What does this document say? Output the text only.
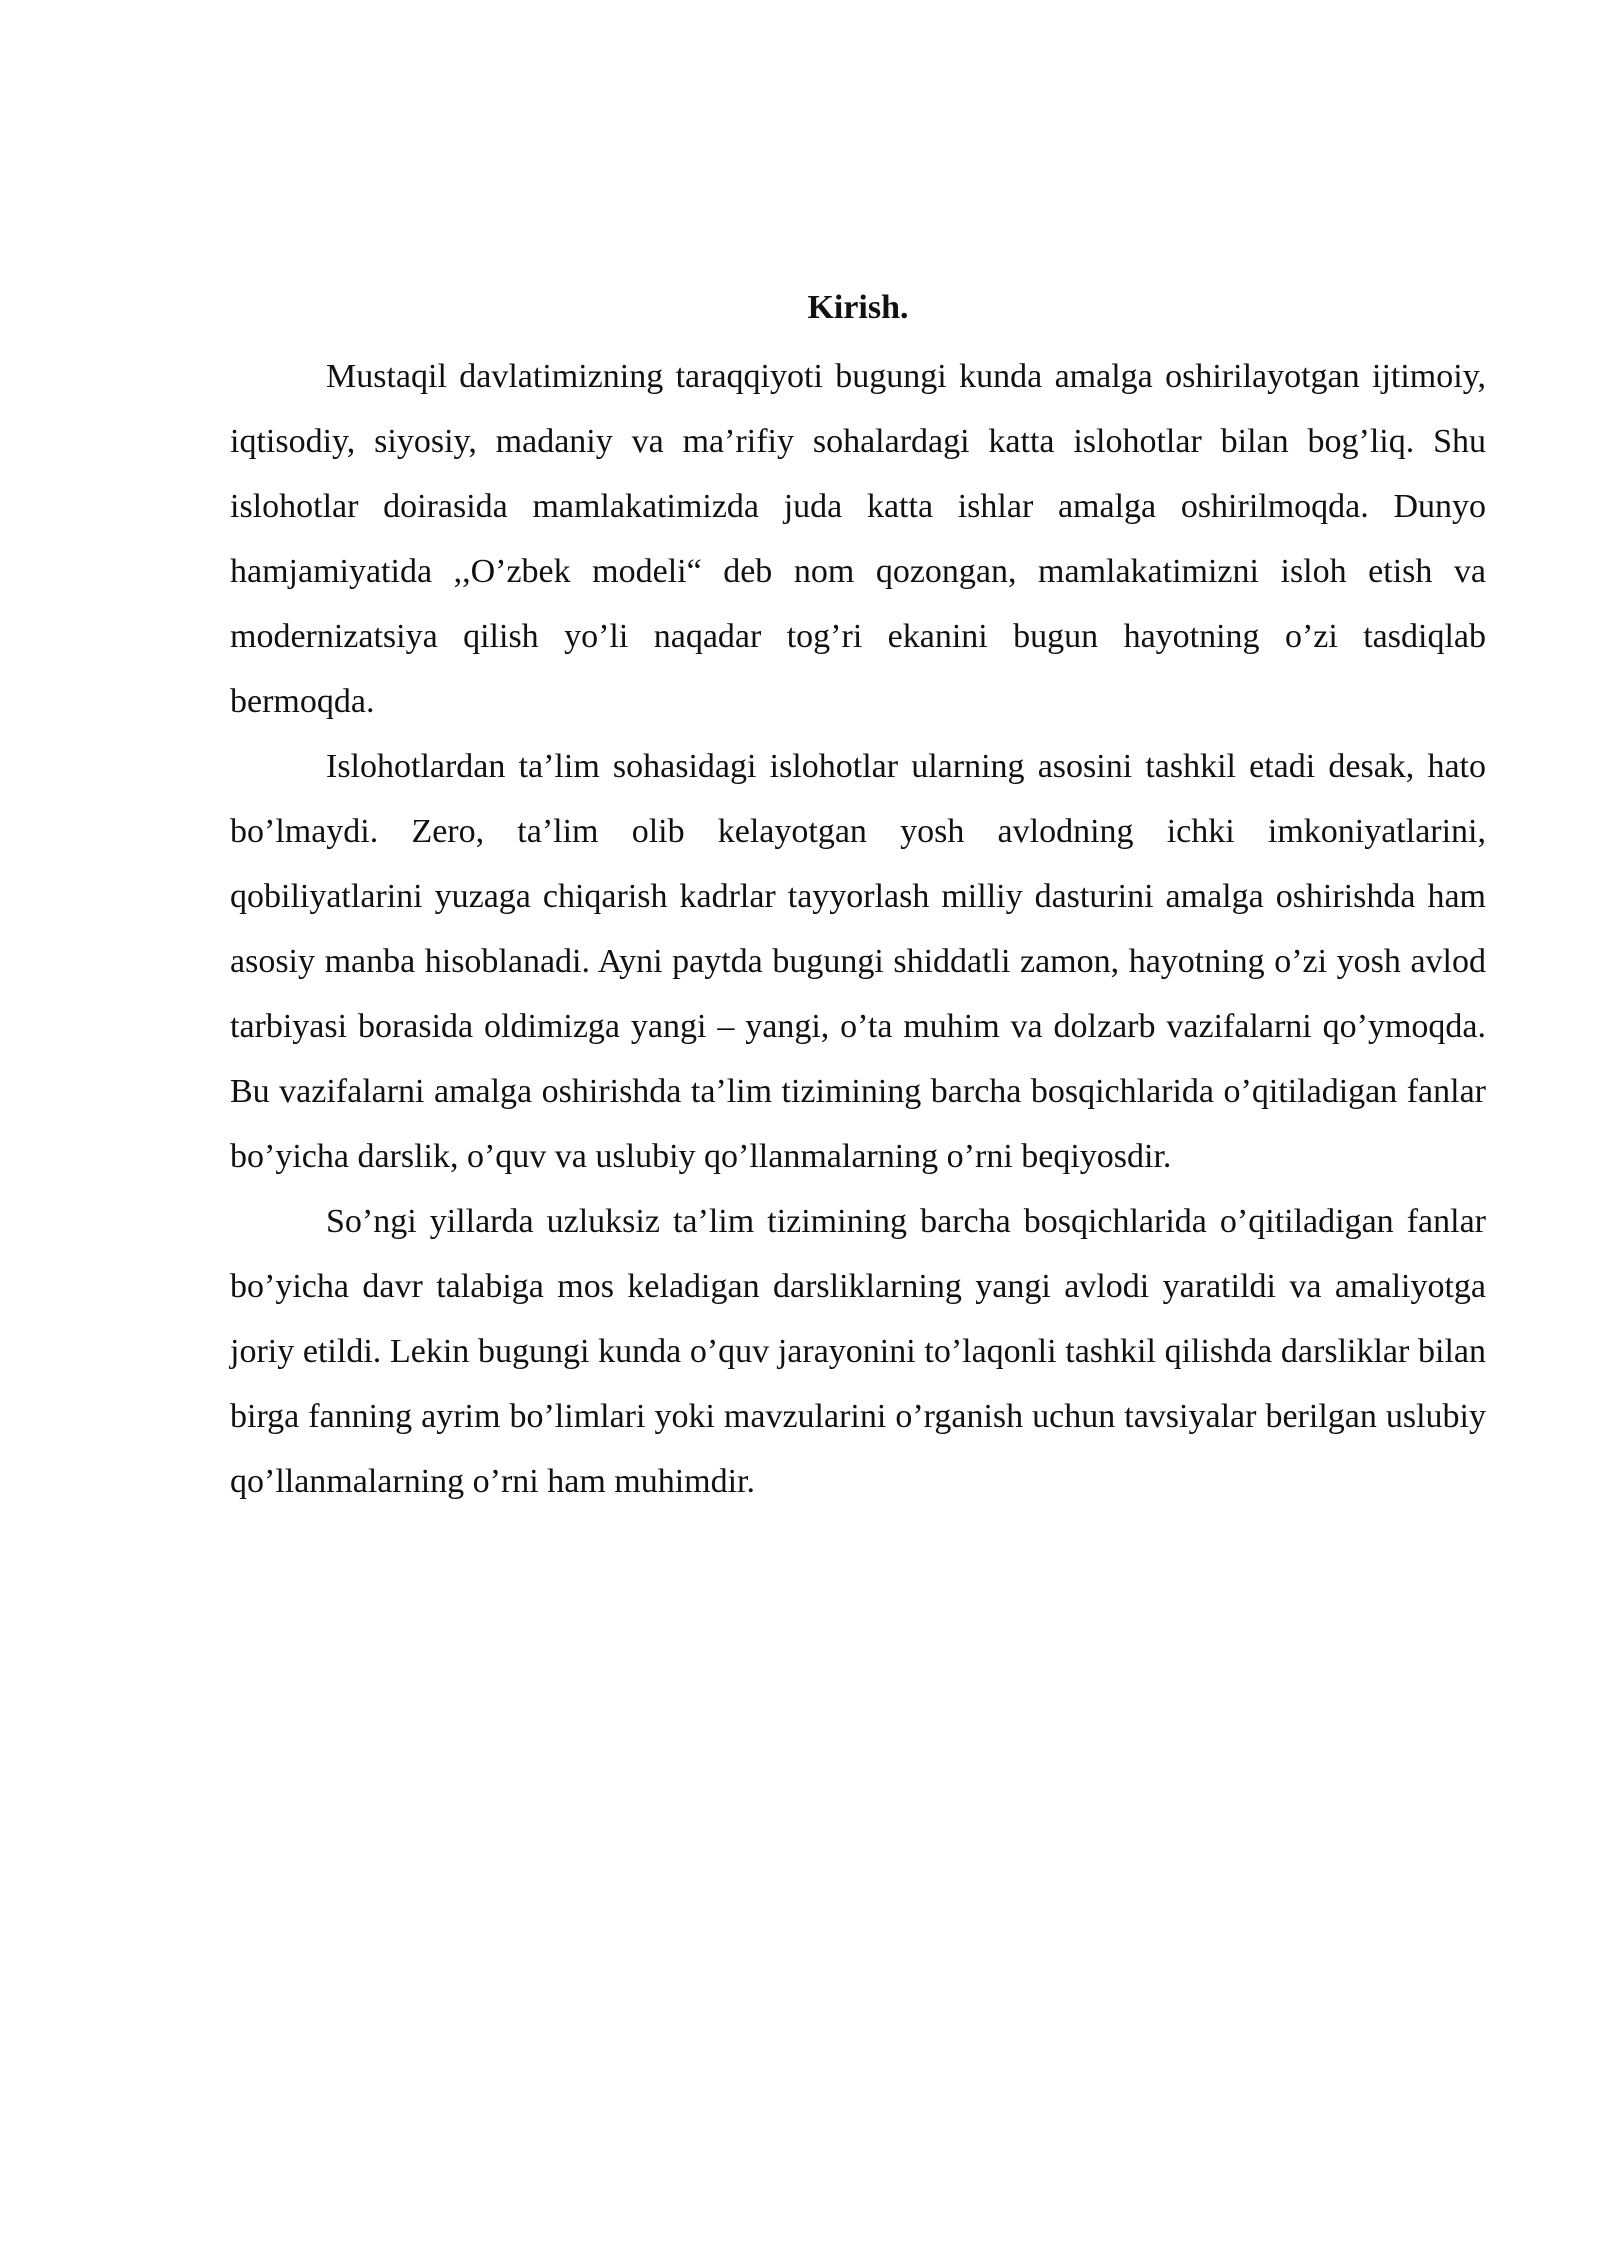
Kirish.

Mustaqil davlatimizning taraqqiyoti bugungi kunda amalga oshirilayotgan ijtimoiy, iqtisodiy, siyosiy, madaniy va ma’rifiy sohalardagi katta islohotlar bilan bog’liq. Shu islohotlar doirasida mamlakatimizda juda katta ishlar amalga oshirilmoqda. Dunyo hamjamiyatida ,,O’zbek modeli“ deb nom qozongan, mamlakatimizni isloh etish va modernizatsiya qilish yo’li naqadar tog’ri ekanini bugun hayotning o’zi tasdiqlab bermoqda.

Islohotlardan ta’lim sohasidagi islohotlar ularning asosini tashkil etadi desak, hato bo’lmaydi. Zero, ta’lim olib kelayotgan yosh avlodning ichki imkoniyatlarini, qobiliyatlarini yuzaga chiqarish kadrlar tayyorlash milliy dasturini amalga oshirishda ham asosiy manba hisoblanadi. Ayni paytda bugungi shiddatli zamon, hayotning o’zi yosh avlod tarbiyasi borasida oldimizga yangi – yangi, o’ta muhim va dolzarb vazifalarni qo’ymoqda. Bu vazifalarni amalga oshirishda ta’lim tizimining barcha bosqichlarida o’qitiladigan fanlar bo’yicha darslik, o’quv va uslubiy qo’llanmalarning o’rni beqiyosdir.

So’ngi yillarda uzluksiz ta’lim tizimining barcha bosqichlarida o’qitiladigan fanlar bo’yicha davr talabiga mos keladigan darsliklarning yangi avlodi yaratildi va amaliyotga joriy etildi. Lekin bugungi kunda o’quv jarayonini to’laqonli tashkil qilishda darsliklar bilan birga fanning ayrim bo’limlari yoki mavzularini o’rganish uchun tavsiyalar berilgan uslubiy qo’llanmalarning o’rni ham muhimdir.
